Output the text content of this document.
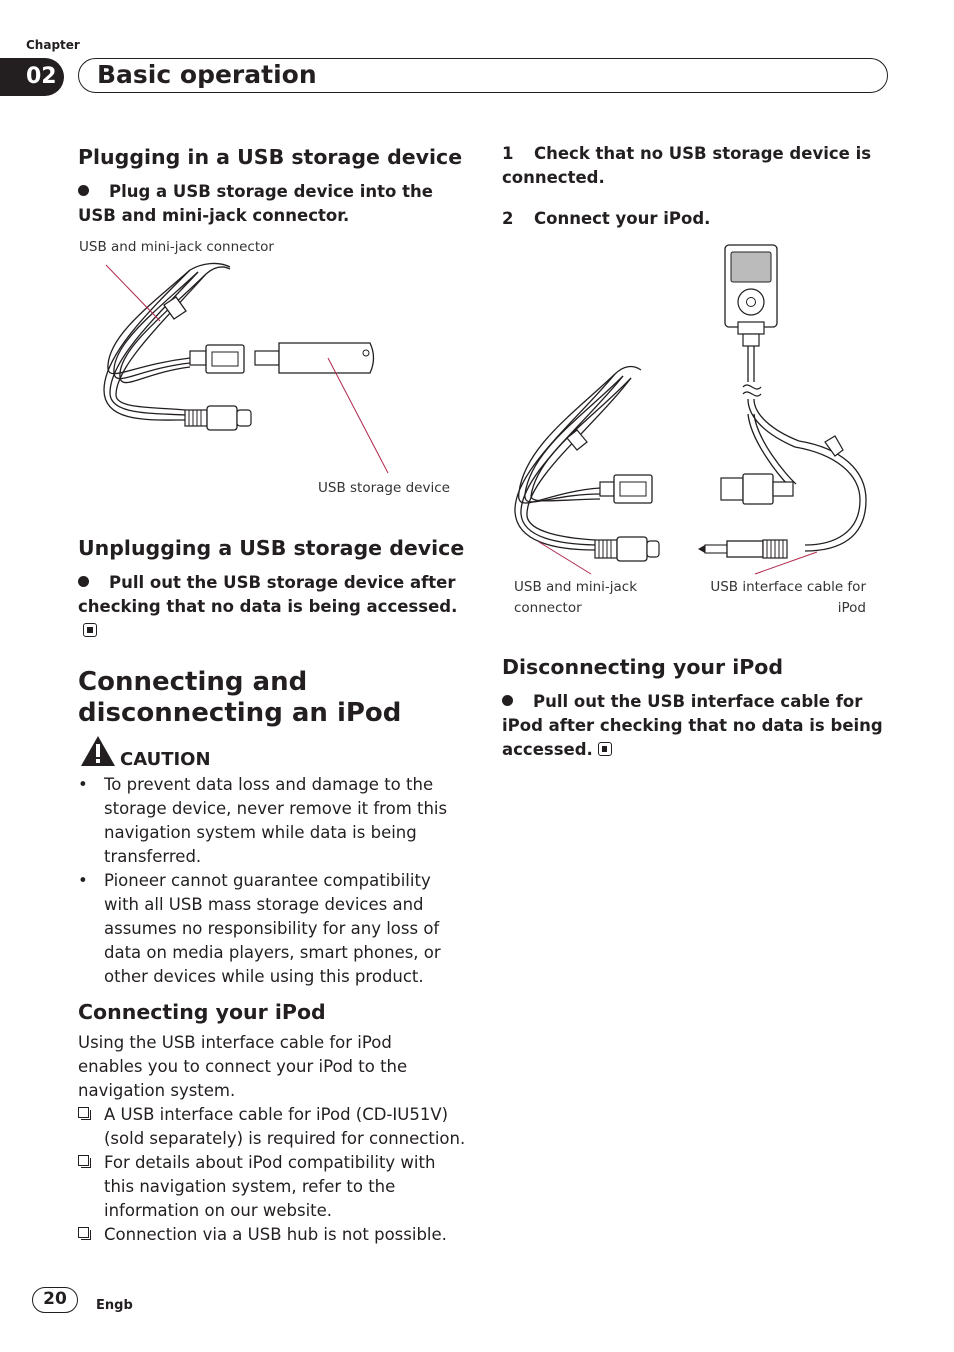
Chapter
02	Basic operation
Plugging in a USB storage device

Plug a USB storage device into the USB and mini-jack connector.

USB and mini-jack connector
USB storage device
Unplugging a USB storage device

Pull out the USB storage device after checking that no data is being accessed.

Connecting and disconnecting an iPod
CAUTION
• To prevent data loss and damage to the storage device, never remove it from this navigation system while data is being transferred.
• Pioneer cannot guarantee compatibility with all USB mass storage devices and assumes no responsibility for any loss of data on media players, smart phones, or other devices while using this product.
Connecting your iPod

Using the USB interface cable for iPod enables you to connect your iPod to the navigation system.

A USB interface cable for iPod (CD-IU51V) (sold separately) is required for connection.
For details about iPod compatibility with this navigation system, refer to the information on our website.
Connection via a USB hub is not possible.

1 Check that no USB storage device is connected.

2 Connect your iPod.

USB and mini-jack connector
USB interface cable for iPod
Disconnecting your iPod

Pull out the USB interface cable for iPod after checking that no data is being accessed.

20	Engb
